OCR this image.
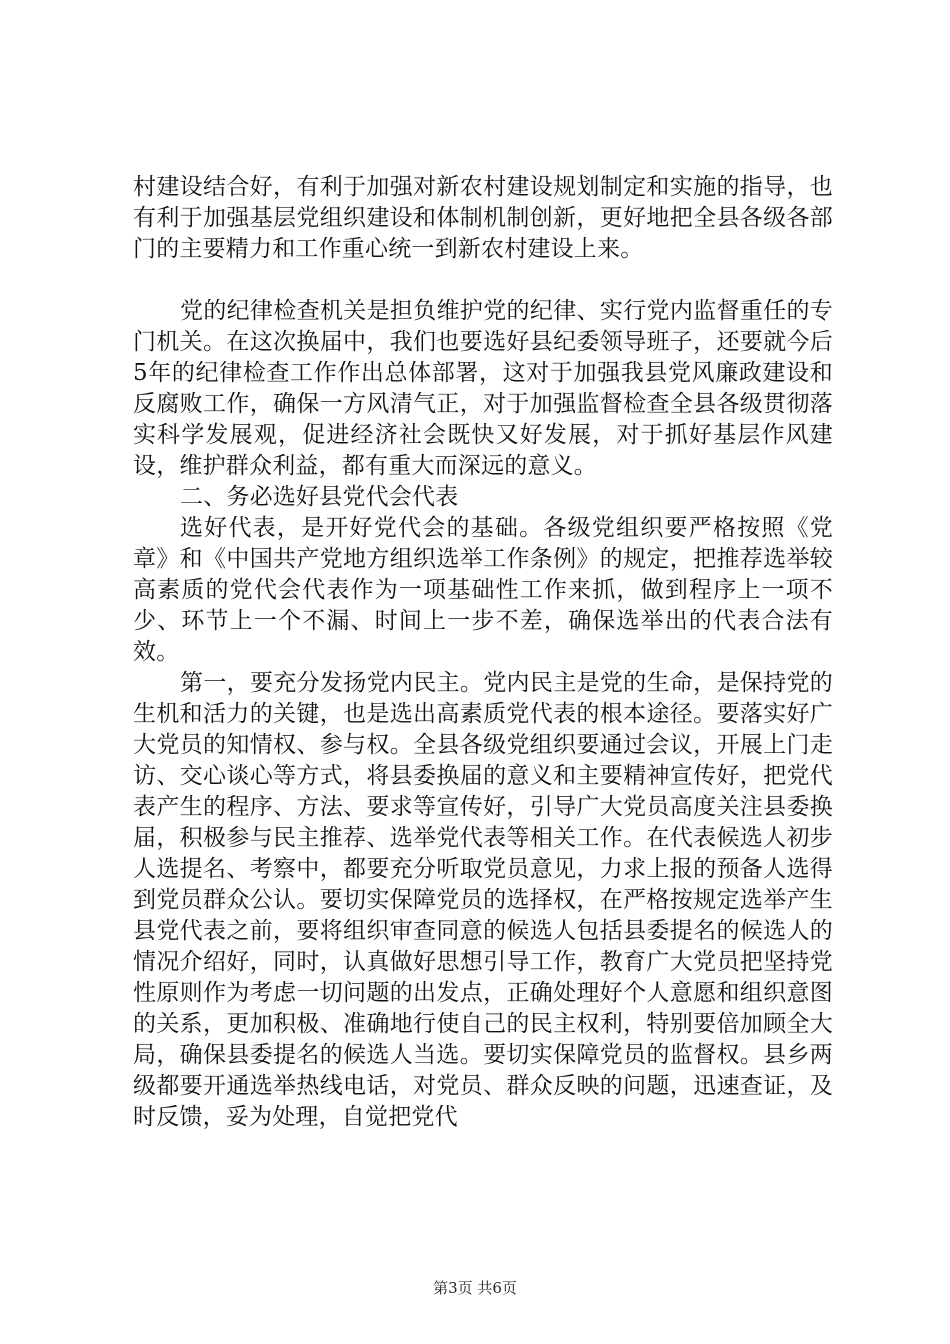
村建设结合好，有利于加强对新农村建设规划制定和实施的指导，也有利于加强基层党组织建设和体制机制创新，更好地把全县各级各部门的主要精力和工作重心统一到新农村建设上来。

党的纪律检查机关是担负维护党的纪律、实行党内监督重任的专门机关。在这次换届中，我们也要选好县纪委领导班子，还要就今后5年的纪律检查工作作出总体部署，这对于加强我县党风廉政建设和反腐败工作，确保一方风清气正，对于加强监督检查全县各级贯彻落实科学发展观，促进经济社会既快又好发展，对于抓好基层作风建设，维护群众利益，都有重大而深远的意义。

二、务必选好县党代会代表

选好代表，是开好党代会的基础。各级党组织要严格按照《党章》和《中国共产党地方组织选举工作条例》的规定，把推荐选举较高素质的党代会代表作为一项基础性工作来抓，做到程序上一项不少、环节上一个不漏、时间上一步不差，确保选举出的代表合法有效。

第一，要充分发扬党内民主。党内民主是党的生命，是保持党的生机和活力的关键，也是选出高素质党代表的根本途径。要落实好广大党员的知情权、参与权。全县各级党组织要通过会议，开展上门走访、交心谈心等方式，将县委换届的意义和主要精神宣传好，把党代表产生的程序、方法、要求等宣传好，引导广大党员高度关注县委换届，积极参与民主推荐、选举党代表等相关工作。在代表候选人初步人选提名、考察中，都要充分听取党员意见，力求上报的预备人选得到党员群众公认。要切实保障党员的选择权，在严格按规定选举产生县党代表之前，要将组织审查同意的候选人包括县委提名的候选人的情况介绍好，同时，认真做好思想引导工作，教育广大党员把坚持党性原则作为考虑一切问题的出发点，正确处理好个人意愿和组织意图的关系，更加积极、准确地行使自己的民主权利，特别要倍加顾全大局，确保县委提名的候选人当选。要切实保障党员的监督权。县乡两级都要开通选举热线电话，对党员、群众反映的问题，迅速查证，及时反馈，妥为处理，自觉把党代

第3页 共6页
